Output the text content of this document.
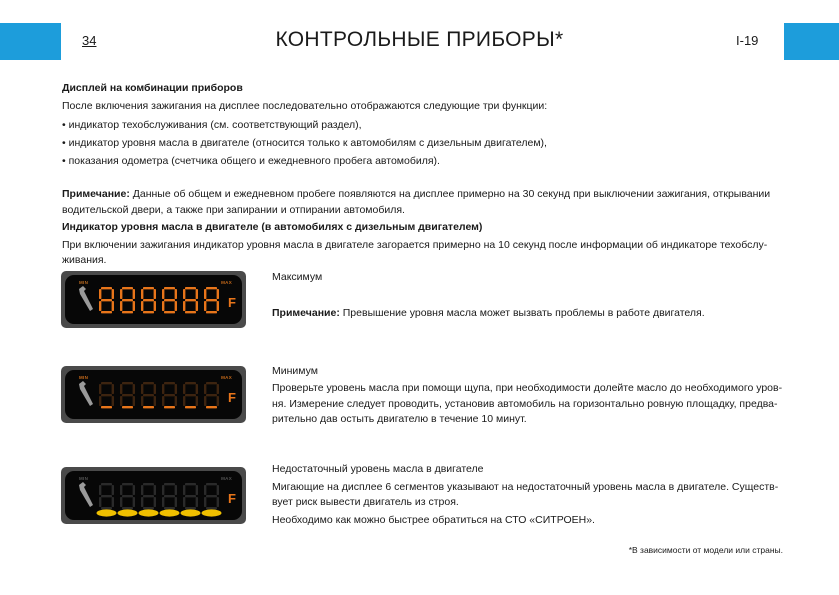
34	КОНТРОЛЬНЫЕ ПРИБОРЫ*	I-19
Дисплей на комбинации приборов
После включения зажигания на дисплее последовательно отображаются следующие три функции:
• индикатор техобслуживания (см. соответствующий раздел),
• индикатор уровня масла в двигателе (относится только к автомобилям с дизельным двигателем),
• показания одометра (счетчика общего и ежедневного пробега автомобиля).
Примечание: Данные об общем и ежедневном пробеге появляются на дисплее примерно на 30 секунд при выключении зажигания, открывании
водительской двери, а также при запирании и отпирании автомобиля.
Индикатор уровня масла в двигателе (в автомобилях с дизельным двигателем)
При включении зажигания индикатор уровня масла в двигателе загорается примерно на 10 секунд после информации об индикаторе техобслу-
живания.
MIN	MAX
F
MIN	MAX
F
MIN	MAX
F
Максимум
Примечание: Превышение уровня масла может вызвать проблемы в работе двигателя.
Минимум
Проверьте уровень масла при помощи щупа, при необходимости долейте масло до необходимого уров-
ня. Измерение следует проводить, установив автомобиль на горизонтально ровную площадку, предва-
рительно дав остыть двигателю в течение 10 минут.
Недостаточный уровень масла в двигателе
Мигающие на дисплее 6 сегментов указывают на недостаточный уровень масла в двигателе. Существ-
вует риск вывести двигатель из строя.
Необходимо как можно быстрее обратиться на СТО «СИТРОЕН».
*В зависимости от модели или страны.
